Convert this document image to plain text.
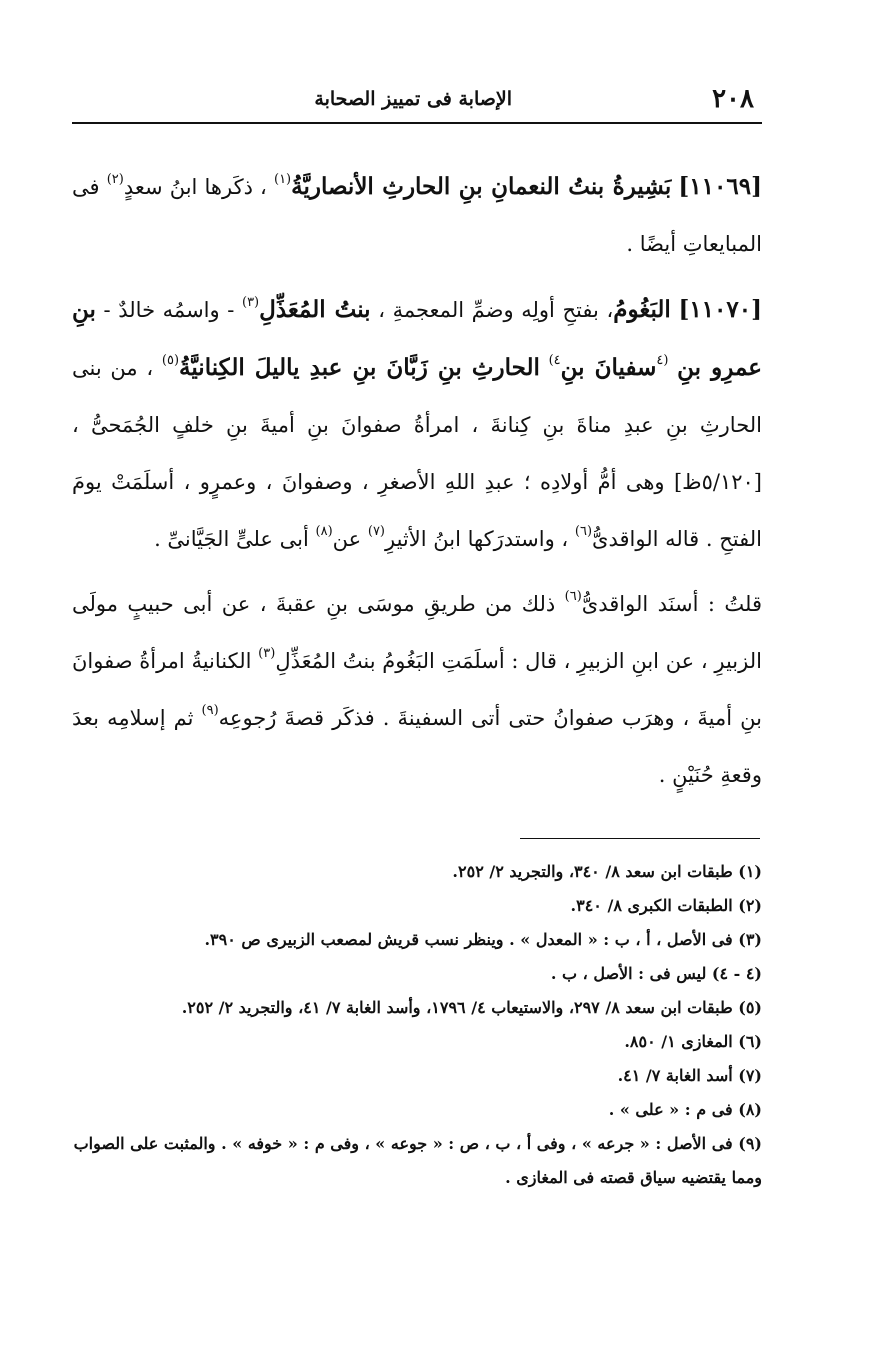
٢٠٨
الإصابة فى تمييز الصحابة

[١١٠٦٩] بَشِيرةُ بنتُ النعمانِ بنِ الحارثِ الأنصاريَّةُ$^{(١)}$ ، ذكَرها ابنُ سعدٍ$^{(٢)}$ فى المبايعاتِ أيضًا .

[١١٠٧٠] البَغُومُ، بفتحِ أولِه وضمِّ المعجمةِ ، بنتُ المُعَذِّلِ$^{(٣)}$ - واسمُه خالدٌ - بنِ عمرِو بنِ $^{(٤}$سفيانَ بنِ$^{٤)}$ الحارثِ بنِ زَبَّانَ بنِ عبدِ ياليلَ الكِنانيَّةُ$^{(٥)}$ ، من بنى الحارثِ بنِ عبدِ مناةَ بنِ كِنانةَ ، امرأةُ صفوانَ بنِ أميةَ بنِ خلفٍ الجُمَحىُّ ، [٥/١٢٠ظ] وهى أمُّ أولادِه ؛ عبدِ اللهِ الأصغرِ ، وصفوانَ ، وعمرٍو ، أسلَمَتْ يومَ الفتحِ . قاله الواقدىُّ$^{(٦)}$ ، واستدرَكها ابنُ الأثيرِ$^{(٧)}$ عن$^{(٨)}$ أبى علىٍّ الجَيَّانىِّ .

قلتُ : أسنَد الواقدىُّ$^{(٦)}$ ذلك من طريقِ موسَى بنِ عقبةَ ، عن أبى حبيبٍ مولَى الزبيرِ ، عن ابنِ الزبيرِ ، قال : أسلَمَتِ البَغُومُ بنتُ المُعَذِّلِ$^{(٣)}$ الكنانيةُ امرأةُ صفوانَ بنِ أميةَ ، وهرَب صفوانُ حتى أتى السفينةَ . فذكَر قصةَ رُجوعِه$^{(٩)}$ ثم إسلامِه بعدَ وقعةِ حُنَيْنٍ .

(١) طبقات ابن سعد ٨/ ٣٤٠، والتجريد ٢/ ٢٥٢.
(٢) الطبقات الكبرى ٨/ ٣٤٠.
(٣) فى الأصل ، أ ، ب : « المعدل » . وينظر نسب قريش لمصعب الزبيرى ص ٣٩٠.
(٤ - ٤) ليس فى : الأصل ، ب .
(٥) طبقات ابن سعد ٨/ ٢٩٧، والاستيعاب ٤/ ١٧٩٦، وأسد الغابة ٧/ ٤١، والتجريد ٢/ ٢٥٢.
(٦) المغازى ١/ ٨٥٠.
(٧) أسد الغابة ٧/ ٤١.
(٨) فى م : « على » .
(٩) فى الأصل : « جرعه » ، وفى أ ، ب ، ص : « جوعه » ، وفى م : « خوفه » . والمثبت على الصواب ومما يقتضيه سياق قصته فى المغازى .
